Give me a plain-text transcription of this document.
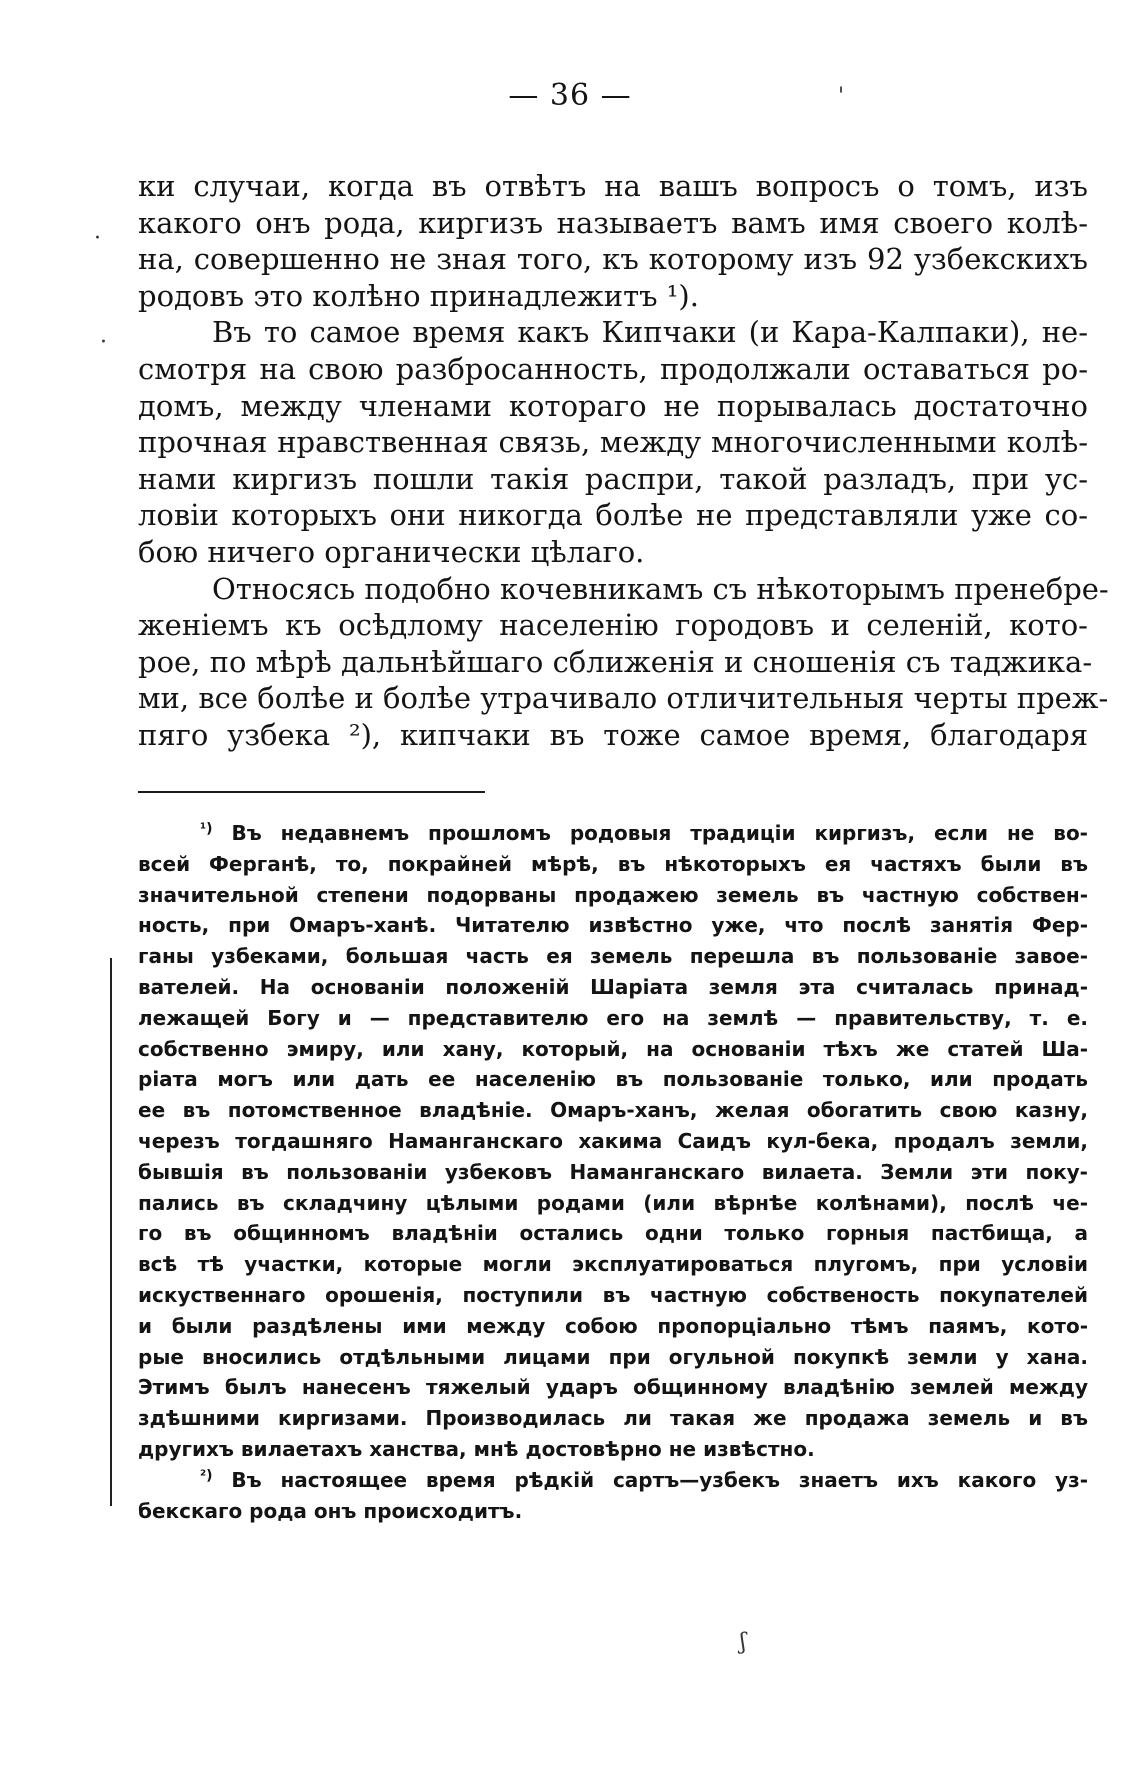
— 36 —
ки случаи, когда въ отвѣтъ на вашъ вопросъ о томъ, изъ
какого онъ рода, киргизъ называетъ вамъ имя своего колѣ-
на, совершенно не зная того, къ которому изъ 92 узбекскихъ
родовъ это колѣно принадлежитъ ¹).
Въ то самое время какъ Кипчаки (и Кара-Калпаки), не-
смотря на свою разбросанность, продолжали оставаться ро-
домъ, между членами котораго не порывалась достаточно
прочная нравственная связь, между многочисленными колѣ-
нами киргизъ пошли такія распри, такой разладъ, при ус-
ловіи которыхъ они никогда болѣе не представляли уже со-
бою ничего органически цѣлаго.
Относясь подобно кочевникамъ съ нѣкоторымъ пренебре-
женіемъ къ осѣдлому населенію городовъ и селеній, кото-
рое, по мѣрѣ дальнѣйшаго сближенія и сношенія съ таджика-
ми, все болѣе и болѣе утрачивало отличительныя черты преж-
пяго узбека ²), кипчаки въ тоже самое время, благодаря
$^{^1)}$ Въ недавнемъ прошломъ родовыя традиціи киргизъ, если не во-
всей Ферганѣ, то, покрайней мѣрѣ, въ нѣкоторыхъ ея частяхъ были въ
значительной степени подорваны продажею земель въ частную собствен-
ность, при Омаръ-ханѣ. Читателю извѣстно уже, что послѣ занятія Фер-
ганы узбеками, большая часть ея земель перешла въ пользованіе завое-
вателей. На основаніи положеній Шаріата земля эта считалась принад-
лежащей Богу и — представителю его на землѣ — правительству, т. е.
собственно эмиру, или хану, который, на основаніи тѣхъ же статей Ша-
ріата могъ или дать ее населенію въ пользованіе только, или продать
ее въ потомственное владѣніе. Омаръ-ханъ, желая обогатить свою казну,
черезъ тогдашняго Наманганскаго хакима Саидъ кул-бека, продалъ земли,
бывшія въ пользованіи узбековъ Наманганскаго вилаета. Земли эти поку-
пались въ складчину цѣлыми родами (или вѣрнѣе колѣнами), послѣ че-
го въ общинномъ владѣніи остались одни только горныя пастбища, а
всѣ тѣ участки, которые могли эксплуатироваться плугомъ, при условіи
искуственнаго орошенія, поступили въ частную собственость покупателей
и были раздѣлены ими между собою пропорціально тѣмъ паямъ, кото-
рые вносились отдѣльными лицами при огульной покупкѣ земли у хана.
Этимъ былъ нанесенъ тяжелый ударъ общинному владѣнію землей между
здѣшними киргизами. Производилась ли такая же продажа земель и въ
другихъ вилаетахъ ханства, мнѣ достовѣрно не извѣстно.
$^{^2)}$ Въ настоящее время рѣдкій сартъ—узбекъ знаетъ ихъ какого уз-
бекскаго рода онъ происходитъ.
·
·
'
ʃ
